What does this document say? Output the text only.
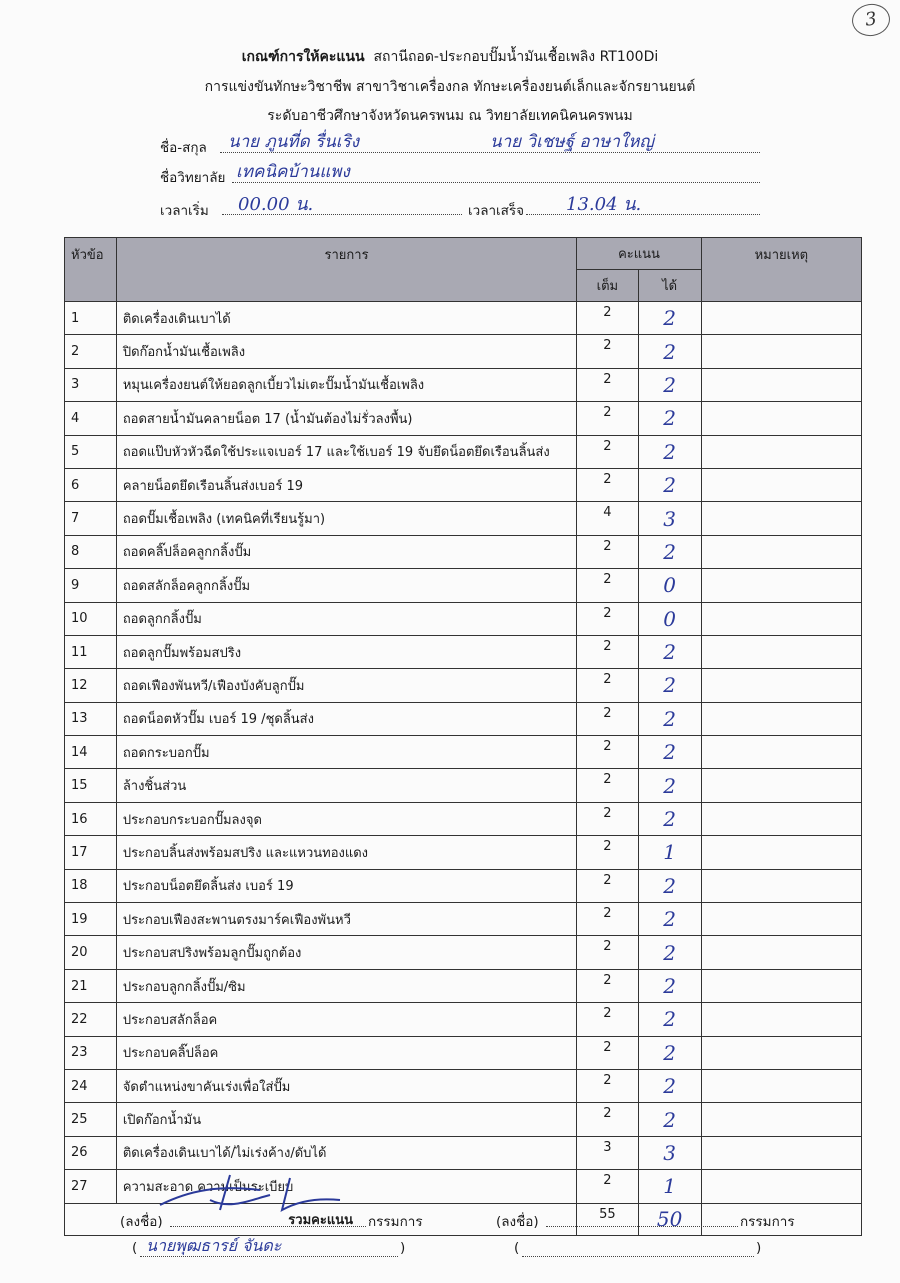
3
เกณฑ์การให้คะแนน สถานีถอด-ประกอบปั๊มน้ำมันเชื้อเพลิง RT100Di
การแข่งขันทักษะวิชาชีพ สาขาวิชาเครื่องกล ทักษะเครื่องยนต์เล็กและจักรยานยนต์
ระดับอาชีวศึกษาจังหวัดนครพนม ณ วิทยาลัยเทคนิคนครพนม
ชื่อ-สกุล นาย ภูนที่ด รื่นเริง	นาย วิเชษฐ์ อาษาใหญ่
ชื่อวิทยาลัย เทคนิคบ้านแพง
เวลาเริ่ม 00.00 น.	เวลาเสร็จ 13.04 น.
หัวข้อ	รายการ	คะแนน		หมายเหตุ
		เต็ม	ได้	
1	ติดเครื่องเดินเบาได้	2	2	
2	ปิดก๊อกน้ำมันเชื้อเพลิง	2	2	
3	หมุนเครื่องยนต์ให้ยอดลูกเบี้ยวไม่เตะปั๊มน้ำมันเชื้อเพลิง	2	2	
4	ถอดสายน้ำมันคลายน็อต 17 (น้ำมันต้องไม่รั่วลงพื้น)	2	2	
5	ถอดแป๊บหัวหัวฉีดใช้ประแจเบอร์ 17 และใช้เบอร์ 19 จับยึดน็อตยึดเรือนลิ้นส่ง	2	2	
6	คลายน็อตยึดเรือนลิ้นส่งเบอร์ 19	2	2	
7	ถอดปั๊มเชื้อเพลิง (เทคนิคที่เรียนรู้มา)	4	3	
8	ถอดคลิ๊ปล็อคลูกกลิ้งปั๊ม	2	2	
9	ถอดสลักล็อคลูกกลิ้งปั๊ม	2	0	
10	ถอดลูกกลิ้งปั๊ม	2	0	
11	ถอดลูกปั๊มพร้อมสปริง	2	2	
12	ถอดเฟืองพันหวี/เฟืองบังคับลูกปั๊ม	2	2	
13	ถอดน็อตหัวปั๊ม เบอร์ 19 /ชุดลิ้นส่ง	2	2	
14	ถอดกระบอกปั๊ม	2	2	
15	ล้างชิ้นส่วน	2	2	
16	ประกอบกระบอกปั๊มลงจุด	2	2	
17	ประกอบลิ้นส่งพร้อมสปริง และแหวนทองแดง	2	1	
18	ประกอบน็อตยึดลิ้นส่ง เบอร์ 19	2	2	
19	ประกอบเฟืองสะพานตรงมาร์คเฟืองพันหวี	2	2	
20	ประกอบสปริงพร้อมลูกปั๊มถูกต้อง	2	2	
21	ประกอบลูกกลิ้งปั๊ม/ซิม	2	2	
22	ประกอบสลักล็อค	2	2	
23	ประกอบคลิ๊ปล็อค	2	2	
24	จัดตำแหน่งขาคันเร่งเพื่อใส่ปั๊ม	2	2	
25	เปิดก๊อกน้ำมัน	2	2	
26	ติดเครื่องเดินเบาได้/ไม่เร่งค้าง/ดับได้	3	3	
27	ความสะอาด ความเป็นระเบียบ	2	1	
รวมคะแนน		55	50	
(ลงชื่อ)	กรรมการ
( นายพุฒธารย์ จันดะ	)
(ลงชื่อ)	กรรมการ
(	)
